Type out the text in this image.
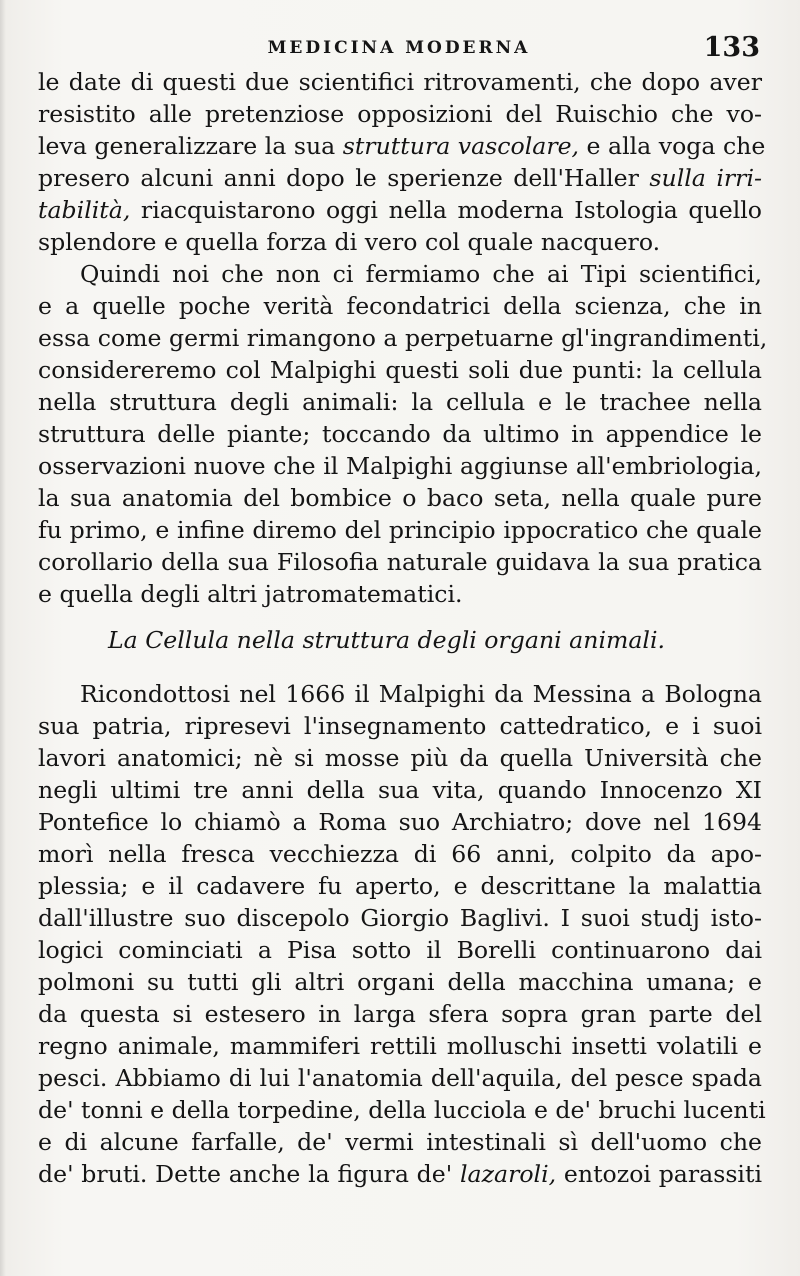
MEDICINA MODERNA	133
le date di questi due scientifici ritrovamenti, che dopo aver
resistito alle pretenziose opposizioni del Ruischio che vo-
leva generalizzare la sua struttura vascolare, e alla voga che
presero alcuni anni dopo le sperienze dell'Haller sulla irri-
tabilità, riacquistarono oggi nella moderna Istologia quello
splendore e quella forza di vero col quale nacquero.
Quindi noi che non ci fermiamo che ai Tipi scientifici,
e a quelle poche verità fecondatrici della scienza, che in
essa come germi rimangono a perpetuarne gl'ingrandimenti,
considereremo col Malpighi questi soli due punti: la cellula
nella struttura degli animali: la cellula e le trachee nella
struttura delle piante; toccando da ultimo in appendice le
osservazioni nuove che il Malpighi aggiunse all'embriologia,
la sua anatomia del bombice o baco seta, nella quale pure
fu primo, e infine diremo del principio ippocratico che quale
corollario della sua Filosofia naturale guidava la sua pratica
e quella degli altri jatromatematici.
La Cellula nella struttura degli organi animali.
Ricondottosi nel 1666 il Malpighi da Messina a Bologna
sua patria, ripresevi l'insegnamento cattedratico, e i suoi
lavori anatomici; nè si mosse più da quella Università che
negli ultimi tre anni della sua vita, quando Innocenzo XI
Pontefice lo chiamò a Roma suo Archiatro; dove nel 1694
morì nella fresca vecchiezza di 66 anni, colpito da apo-
plessia; e il cadavere fu aperto, e descrittane la malattia
dall'illustre suo discepolo Giorgio Baglivi. I suoi studj isto-
logici cominciati a Pisa sotto il Borelli continuarono dai
polmoni su tutti gli altri organi della macchina umana; e
da questa si estesero in larga sfera sopra gran parte del
regno animale, mammiferi rettili molluschi insetti volatili e
pesci. Abbiamo di lui l'anatomia dell'aquila, del pesce spada
de' tonni e della torpedine, della lucciola e de' bruchi lucenti
e di alcune farfalle, de' vermi intestinali sì dell'uomo che
de' bruti. Dette anche la figura de' lazaroli, entozoi parassiti
